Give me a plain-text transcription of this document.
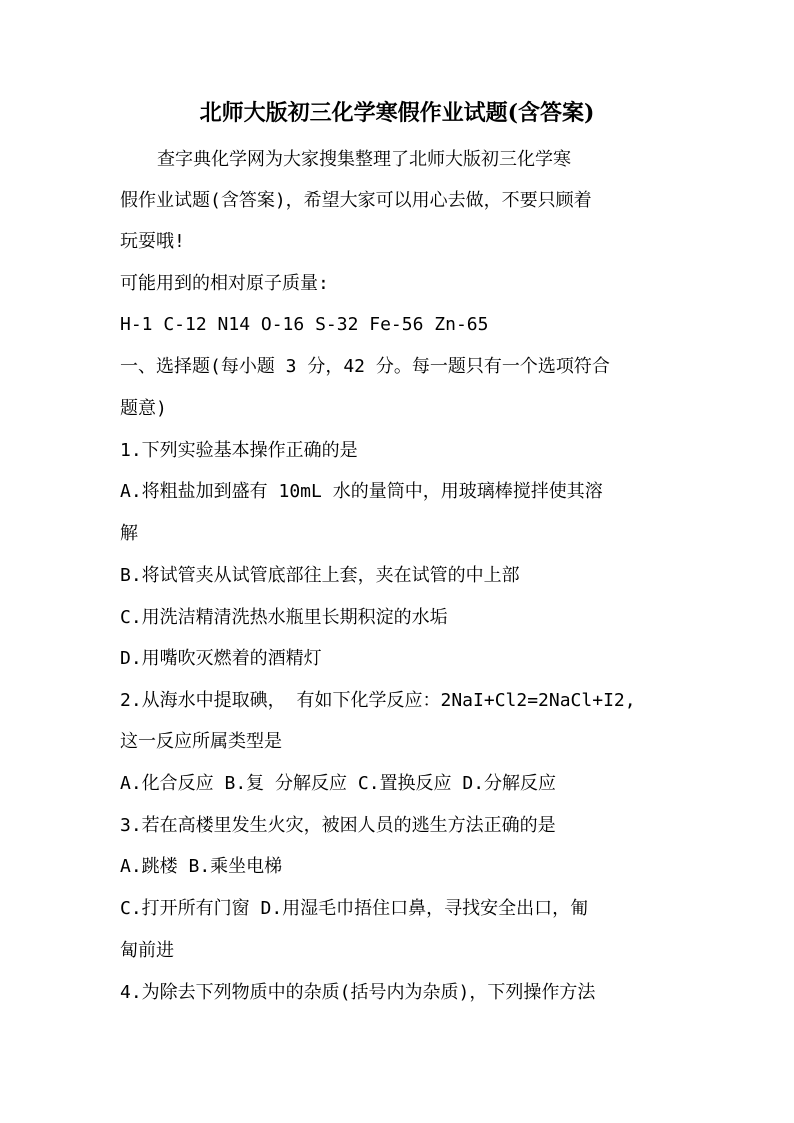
北师大版初三化学寒假作业试题(含答案)
查字典化学网为大家搜集整理了北师大版初三化学寒
假作业试题(含答案)，希望大家可以用心去做，不要只顾着
玩耍哦!
可能用到的相对原子质量:
H-1 C-12 N14 O-16 S-32 Fe-56 Zn-65
一、选择题(每小题 3 分，42 分。每一题只有一个选项符合
题意)
1.下列实验基本操作正确的是
A.将粗盐加到盛有 10mL 水的量筒中，用玻璃棒搅拌使其溶
解
B.将试管夹从试管底部往上套，夹在试管的中上部
C.用洗洁精清洗热水瓶里长期积淀的水垢
D.用嘴吹灭燃着的酒精灯
2.从海水中提取碘， 有如下化学反应：2NaI+Cl2=2NaCl+I2,
这一反应所属类型是
A.化合反应 B.复 分解反应 C.置换反应 D.分解反应
3.若在高楼里发生火灾，被困人员的逃生方法正确的是
A.跳楼 B.乘坐电梯
C.打开所有门窗 D.用湿毛巾捂住口鼻，寻找安全出口，匍
匐前进
4.为除去下列物质中的杂质(括号内为杂质)，下列操作方法
